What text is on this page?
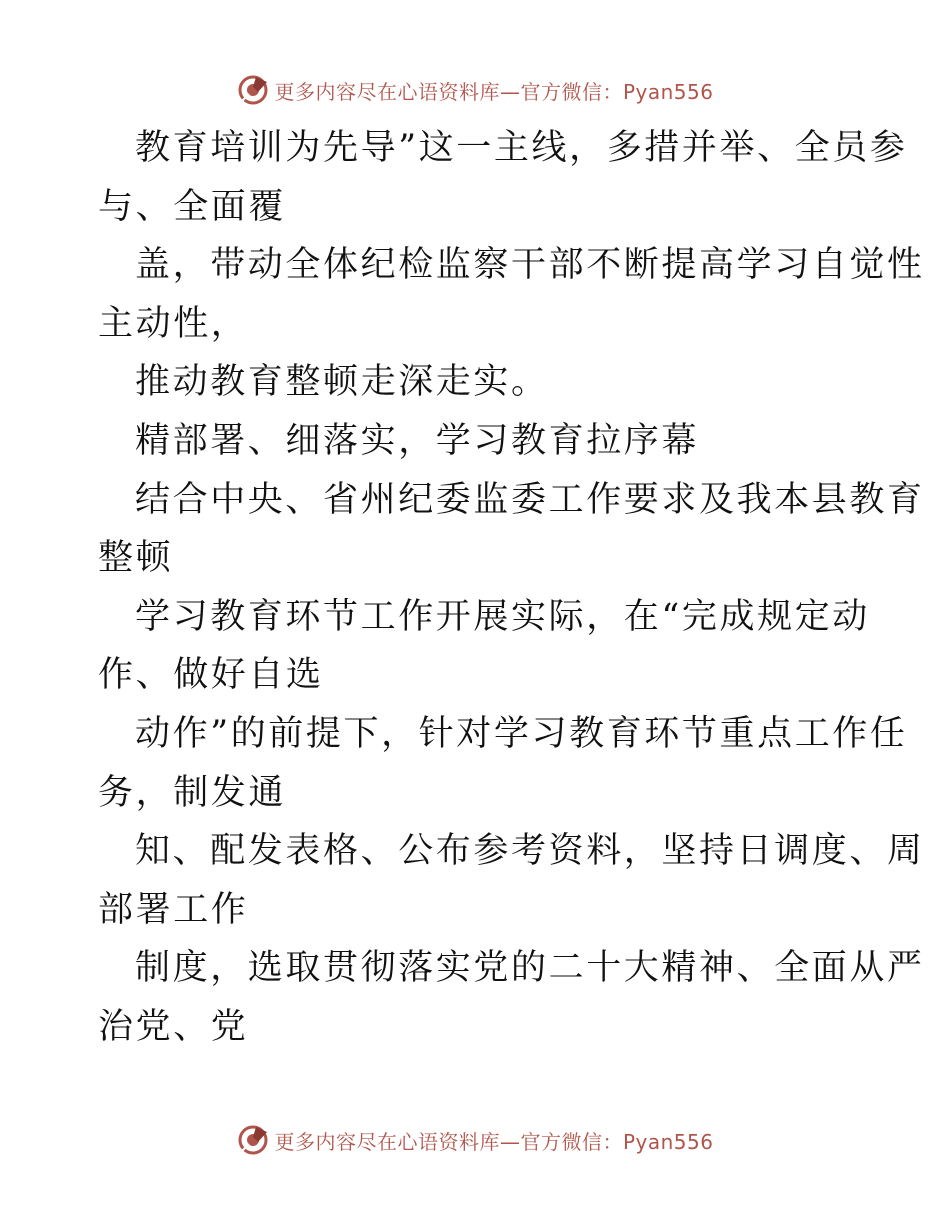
更多内容尽在心语资料库—官方微信：Pyan556
教育培训为先导”这一主线，多措并举、全员参
与、全面覆
盖，带动全体纪检监察干部不断提高学习自觉性
主动性，
推动教育整顿走深走实。
精部署、细落实，学习教育拉序幕
结合中央、省州纪委监委工作要求及我本县教育
整顿
学习教育环节工作开展实际，在“完成规定动
作、做好自选
动作”的前提下，针对学习教育环节重点工作任
务，制发通
知、配发表格、公布参考资料，坚持日调度、周
部署工作
制度，选取贯彻落实党的二十大精神、全面从严
治党、党
更多内容尽在心语资料库—官方微信：Pyan556
